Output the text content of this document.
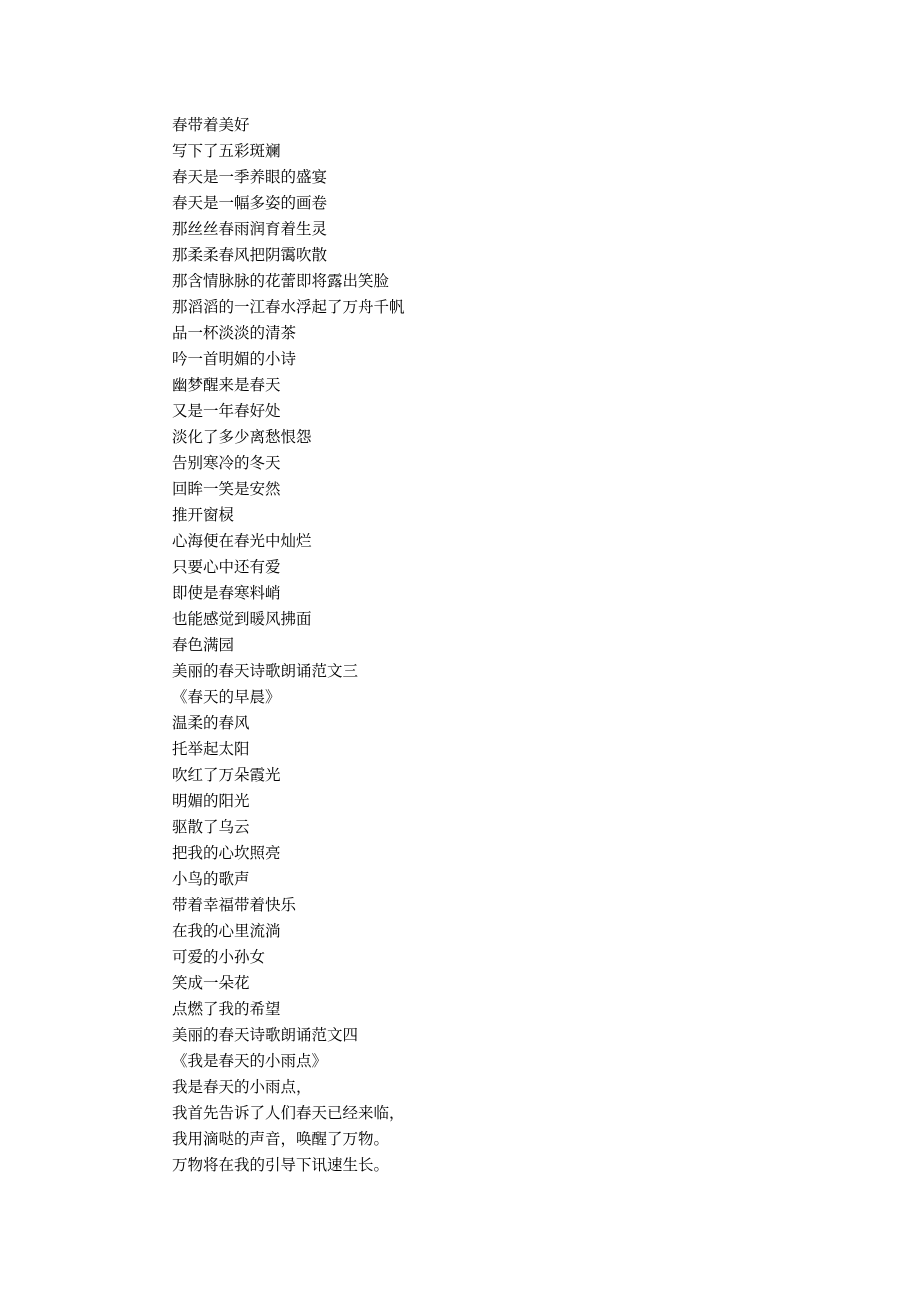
春带着美好
写下了五彩斑斓
春天是一季养眼的盛宴
春天是一幅多姿的画卷
那丝丝春雨润育着生灵
那柔柔春风把阴霭吹散
那含情脉脉的花蕾即将露出笑脸
那滔滔的一江春水浮起了万舟千帆
品一杯淡淡的清茶
吟一首明媚的小诗
幽梦醒来是春天
又是一年春好处
淡化了多少离愁恨怨
告别寒冷的冬天
回眸一笑是安然
推开窗棂
心海便在春光中灿烂
只要心中还有爱
即使是春寒料峭
也能感觉到暖风拂面
春色满园
美丽的春天诗歌朗诵范文三
《春天的早晨》
温柔的春风
托举起太阳
吹红了万朵霞光
明媚的阳光
驱散了乌云
把我的心坎照亮
小鸟的歌声
带着幸福带着快乐
在我的心里流淌
可爱的小孙女
笑成一朵花
点燃了我的希望
美丽的春天诗歌朗诵范文四
《我是春天的小雨点》
我是春天的小雨点，
我首先告诉了人们春天已经来临，
我用滴哒的声音，唤醒了万物。
万物将在我的引导下讯速生长。
